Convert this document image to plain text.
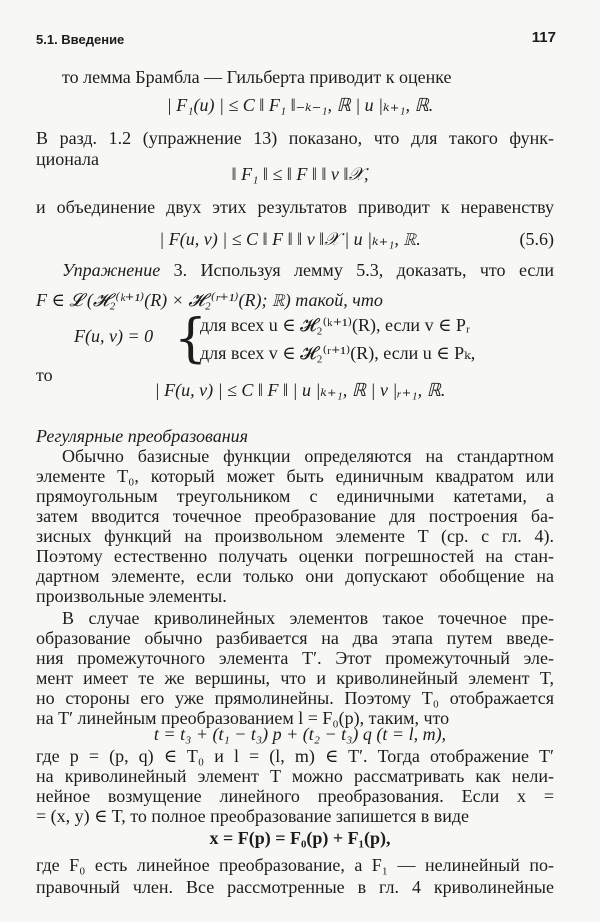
5.1. Введение	117
то лемма Брамбла — Гильберта приводит к оценке
| F₁(u) | ≤ C ‖ F₁ ‖₋ₖ₋₁, ℝ | u |ₖ₊₁, ℝ.
В разд. 1.2 (упражнение 13) показано, что для такого функ-
ционала
‖ F₁ ‖ ≤ ‖ F ‖ ‖ v ‖𝒳,
и объединение двух этих результатов приводит к неравенству
| F(u, v) | ≤ C ‖ F ‖ ‖ v ‖𝒳 | u |ₖ₊₁, ℝ.	(5.6)
Упражнение 3. Используя лемму 5.3, доказать, что если
F ∈ 𝓛 (𝓗₂⁽ᵏ⁺¹⁾(R) × 𝓗₂⁽ʳ⁺¹⁾(R); ℝ) такой, что
F(u, v) = 0 {
для всех u ∈ 𝓗₂⁽ᵏ⁺¹⁾(R), если v ∈ Pᵣ
для всех v ∈ 𝓗₂⁽ʳ⁺¹⁾(R), если u ∈ Pₖ,
то
| F(u, v) | ≤ C ‖ F ‖ | u |ₖ₊₁, ℝ | v |ᵣ₊₁, ℝ.
Регулярные преобразования
Обычно базисные функции определяются на стандартном
элементе T₀, который может быть единичным квадратом или
прямоугольным треугольником с единичными катетами, а
затем вводится точечное преобразование для построения ба-
зисных функций на произвольном элементе T (ср. с гл. 4).
Поэтому естественно получать оценки погрешностей на стан-
дартном элементе, если только они допускают обобщение на
произвольные элементы.
В случае криволинейных элементов такое точечное пре-
образование обычно разбивается на два этапа путем введе-
ния промежуточного элемента T′. Этот промежуточный эле-
мент имеет те же вершины, что и криволинейный элемент T,
но стороны его уже прямолинейны. Поэтому T₀ отображается
на T′ линейным преобразованием l = F₀(p), таким, что
t = t₃ + (t₁ − t₃) p + (t₂ − t₃) q (t = l, m),
где p = (p, q) ∈ T₀ и l = (l, m) ∈ T′. Тогда отображение T′
на криволинейный элемент T можно рассматривать как нели-
нейное возмущение линейного преобразования. Если x =
= (x, y) ∈ T, то полное преобразование запишется в виде
x = F(p) = F₀(p) + F₁(p),
где F₀ есть линейное преобразование, а F₁ — нелинейный по-
правочный член. Все рассмотренные в гл. 4 криволинейные
